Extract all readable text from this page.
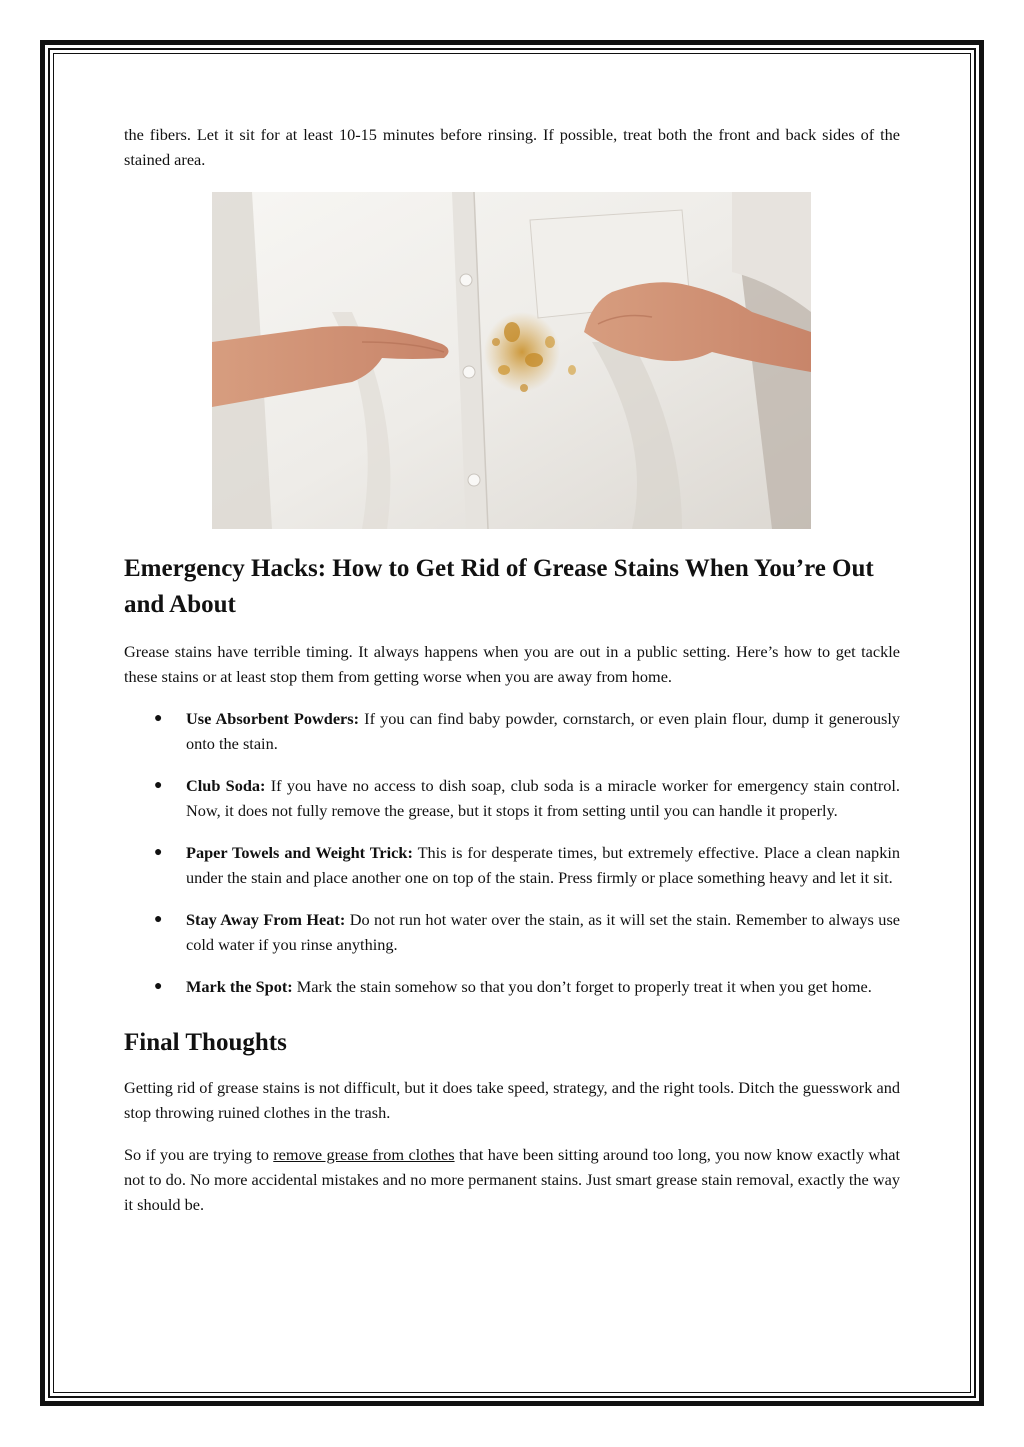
the fibers. Let it sit for at least 10-15 minutes before rinsing. If possible, treat both the front and back sides of the stained area.

Emergency Hacks: How to Get Rid of Grease Stains When You’re Out and About

Grease stains have terrible timing. It always happens when you are out in a public setting. Here’s how to get tackle these stains or at least stop them from getting worse when you are away from home.

● Use Absorbent Powders: If you can find baby powder, cornstarch, or even plain flour, dump it generously onto the stain.
● Club Soda: If you have no access to dish soap, club soda is a miracle worker for emergency stain control. Now, it does not fully remove the grease, but it stops it from setting until you can handle it properly.
● Paper Towels and Weight Trick: This is for desperate times, but extremely effective. Place a clean napkin under the stain and place another one on top of the stain. Press firmly or place something heavy and let it sit.
● Stay Away From Heat: Do not run hot water over the stain, as it will set the stain. Remember to always use cold water if you rinse anything.
● Mark the Spot: Mark the stain somehow so that you don’t forget to properly treat it when you get home.
Final Thoughts

Getting rid of grease stains is not difficult, but it does take speed, strategy, and the right tools. Ditch the guesswork and stop throwing ruined clothes in the trash.

So if you are trying to remove grease from clothes that have been sitting around too long, you now know exactly what not to do. No more accidental mistakes and no more permanent stains. Just smart grease stain removal, exactly the way it should be.
